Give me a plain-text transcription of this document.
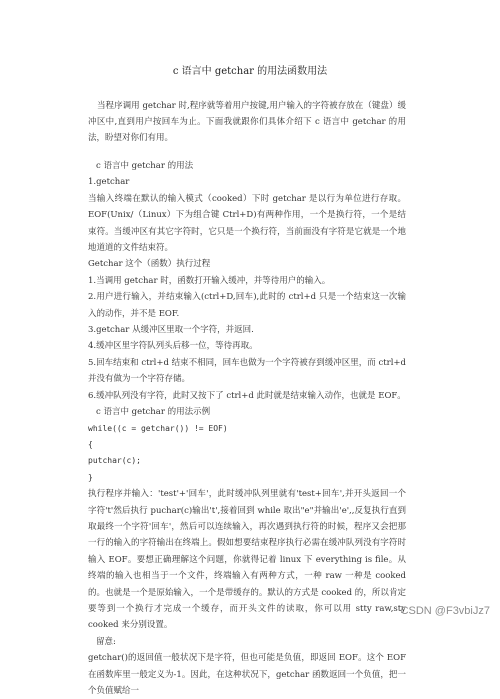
c 语言中 getchar 的用法函数用法
当程序调用 getchar 时,程序就等着用户按键,用户输入的字符被存放在（键盘）缓冲区中,直到用户按回车为止。下面我就跟你们具体介绍下 c 语言中 getchar 的用法，盼望对你们有用。
c 语言中 getchar 的用法
1.getchar
当输入终端在默认的输入模式（cooked）下时 getchar 是以行为单位进行存取。EOF(Unix/（Linux）下为组合键 Ctrl+D)有两种作用，一个是换行符，一个是结束符。当缓冲区有其它字符时，它只是一个换行符，当前面没有字符是它就是一个地地道道的文件结束符。
Getchar 这个（函数）执行过程
1.当调用 getchar 时，函数打开输入缓冲，并等待用户的输入。
2.用户进行输入，并结束输入(ctrl+D,回车),此时的 ctrl+d 只是一个结束这一次输入的动作，并不是 EOF.
3.getchar 从缓冲区里取一个字符，并返回.
4.缓冲区里字符队列头后移一位，等待再取。
5.回车结束和 ctrl+d 结束不相同，回车也做为一个字符被存到缓冲区里，而 ctrl+d 并没有做为一个字符存储。
6.缓冲队列没有字符，此时又按下了 ctrl+d 此时就是结束输入动作，也就是 EOF。
c 语言中 getchar 的用法示例
while((c = getchar()) != EOF)
{
putchar(c);
}
执行程序并输入：'test'+'回车'，此时缓冲队列里就有'test+回车',并开头返回一个字符't'然后执行 puchar(c)输出't',接着回到 while 取出"e"并输出'e',,反复执行直到取最终一个字符'回车'，然后可以连续输入，再次遇到执行符的时候，程序又会把那一行的输入的字符输出在终端上。假如想要结束程序执行必需在缓冲队列没有字符时输入 EOF。要想正确理解这个问题，你就得记着 linux 下 everything is file。从终端的输入也相当于一个文件，终端输入有两种方式，一种 raw 一种是 cooked 的。也就是一个是原始输入，一个是带缓存的。默认的方式是 cooked 的，所以肯定要等到一个换行才完成一个缓存，而开头文件的读取，你可以用 stty raw,sty cooked 来分别设置。
留意:
getchar()的返回值一般状况下是字符，但也可能是负值，即返回 EOF。这个 EOF 在函数库里一般定义为-1。因此，在这种状况下，getchar 函数返回一个负值，把一个负值赋给一
CSDN @F3vbiJz7
